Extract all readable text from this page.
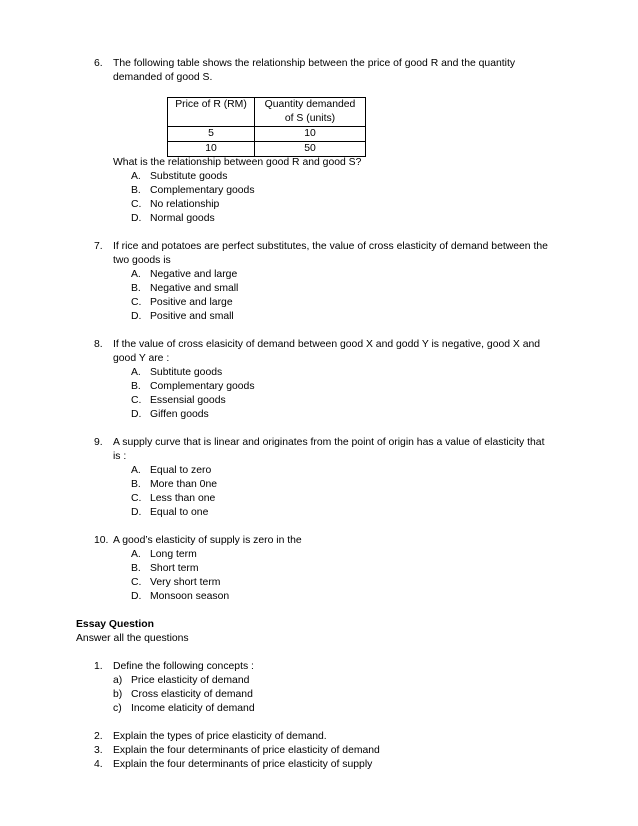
6. The following table shows the relationship between the price of good R and the quantity
demanded of good S.
Price of R (RM)	Quantity demanded
of S (units)
5	10
10	50
What is the relationship between good R and good S?
A. Substitute goods
B. Complementary goods
C. No relationship
D. Normal goods
7. If rice and potatoes are perfect substitutes, the value of cross elasticity of demand between the
two goods is
A. Negative and large
B. Negative and small
C. Positive and large
D. Positive and small
8. If the value of cross elasicity of demand between good X and godd Y is negative, good X and
good Y are :
A. Subtitute goods
B. Complementary goods
C. Essensial goods
D. Giffen goods
9. A supply curve that is linear and originates from the point of origin has a value of elasticity that
is :
A. Equal to zero
B. More than 0ne
C. Less than one
D. Equal to one
10. A good’s elasticity of supply is zero in the
A. Long term
B. Short term
C. Very short term
D. Monsoon season
Essay Question
Answer all the questions
1. Define the following concepts :
a) Price elasticity of demand
b) Cross elasticity of demand
c) Income elaticity of demand
2. Explain the types of price elasticity of demand.
3. Explain the four determinants of price elasticity of demand
4. Explain the four determinants of price elasticity of supply
